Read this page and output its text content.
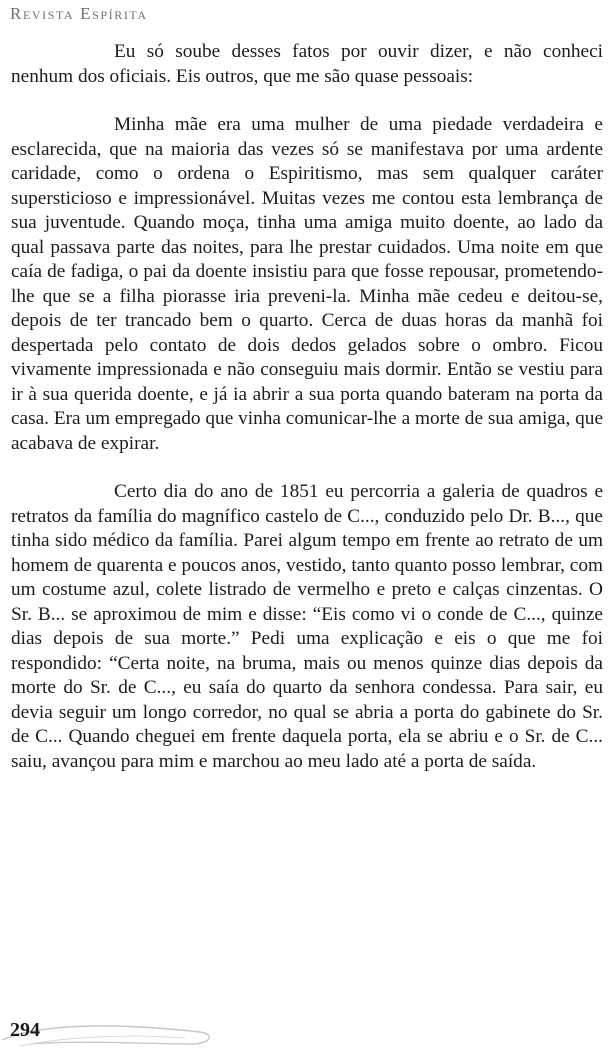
Revista Espírita

Eu só soube desses fatos por ouvir dizer, e não conheci nenhum dos oficiais. Eis outros, que me são quase pessoais:

Minha mãe era uma mulher de uma piedade verdadeira e esclarecida, que na maioria das vezes só se manifestava por uma ardente caridade, como o ordena o Espiritismo, mas sem qualquer caráter supersticioso e impressionável. Muitas vezes me contou esta lembrança de sua juventude. Quando moça, tinha uma amiga muito doente, ao lado da qual passava parte das noites, para lhe prestar cuidados. Uma noite em que caía de fadiga, o pai da doente insistiu para que fosse repousar, prometendo-lhe que se a filha piorasse iria preveni-la. Minha mãe cedeu e deitou-se, depois de ter trancado bem o quarto. Cerca de duas horas da manhã foi despertada pelo contato de dois dedos gelados sobre o ombro. Ficou vivamente impressionada e não conseguiu mais dormir. Então se vestiu para ir à sua querida doente, e já ia abrir a sua porta quando bateram na porta da casa. Era um empregado que vinha comunicar-lhe a morte de sua amiga, que acabava de expirar.

Certo dia do ano de 1851 eu percorria a galeria de quadros e retratos da família do magnífico castelo de C..., conduzido pelo Dr. B..., que tinha sido médico da família. Parei algum tempo em frente ao retrato de um homem de quarenta e poucos anos, vestido, tanto quanto posso lembrar, com um costume azul, colete listrado de vermelho e preto e calças cinzentas. O Sr. B... se aproximou de mim e disse: “Eis como vi o conde de C..., quinze dias depois de sua morte.” Pedi uma explicação e eis o que me foi respondido: “Certa noite, na bruma, mais ou menos quinze dias depois da morte do Sr. de C..., eu saía do quarto da senhora condessa. Para sair, eu devia seguir um longo corredor, no qual se abria a porta do gabinete do Sr. de C... Quando cheguei em frente daquela porta, ela se abriu e o Sr. de C... saiu, avançou para mim e marchou ao meu lado até a porta de saída.

294
